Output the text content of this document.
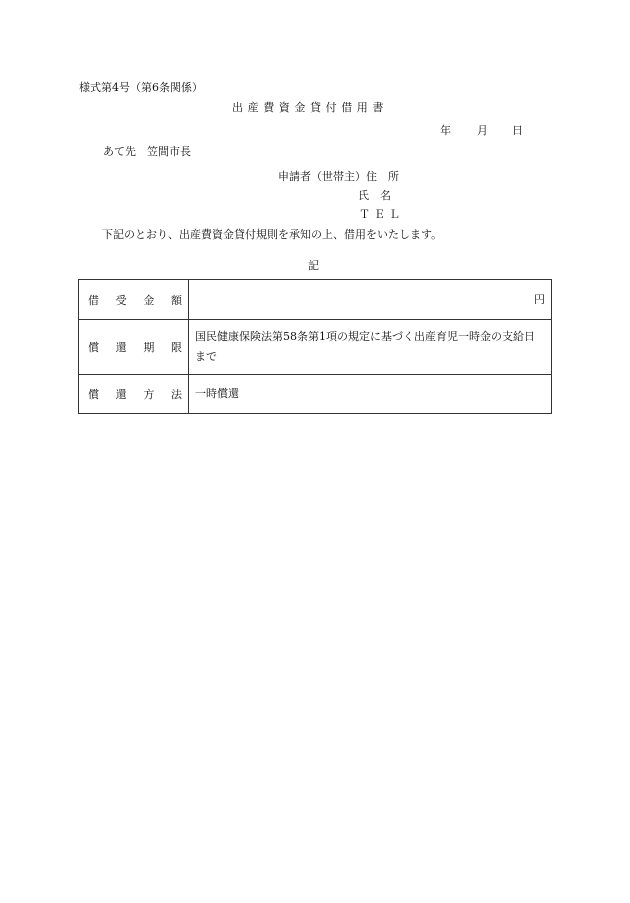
様式第4号（第6条関係）
出産費資金貸付借用書
年 月 日
あて先　笠間市長
申請者（世帯主）住　所
氏　名
ＴＥＬ
下記のとおり、出産費資金貸付規則を承知の上、借用をいたします。
記
借受金額	円
償還期限	国民健康保険法第58条第1項の規定に基づく出産育児一時金の支給日まで
償還方法	一時償還
